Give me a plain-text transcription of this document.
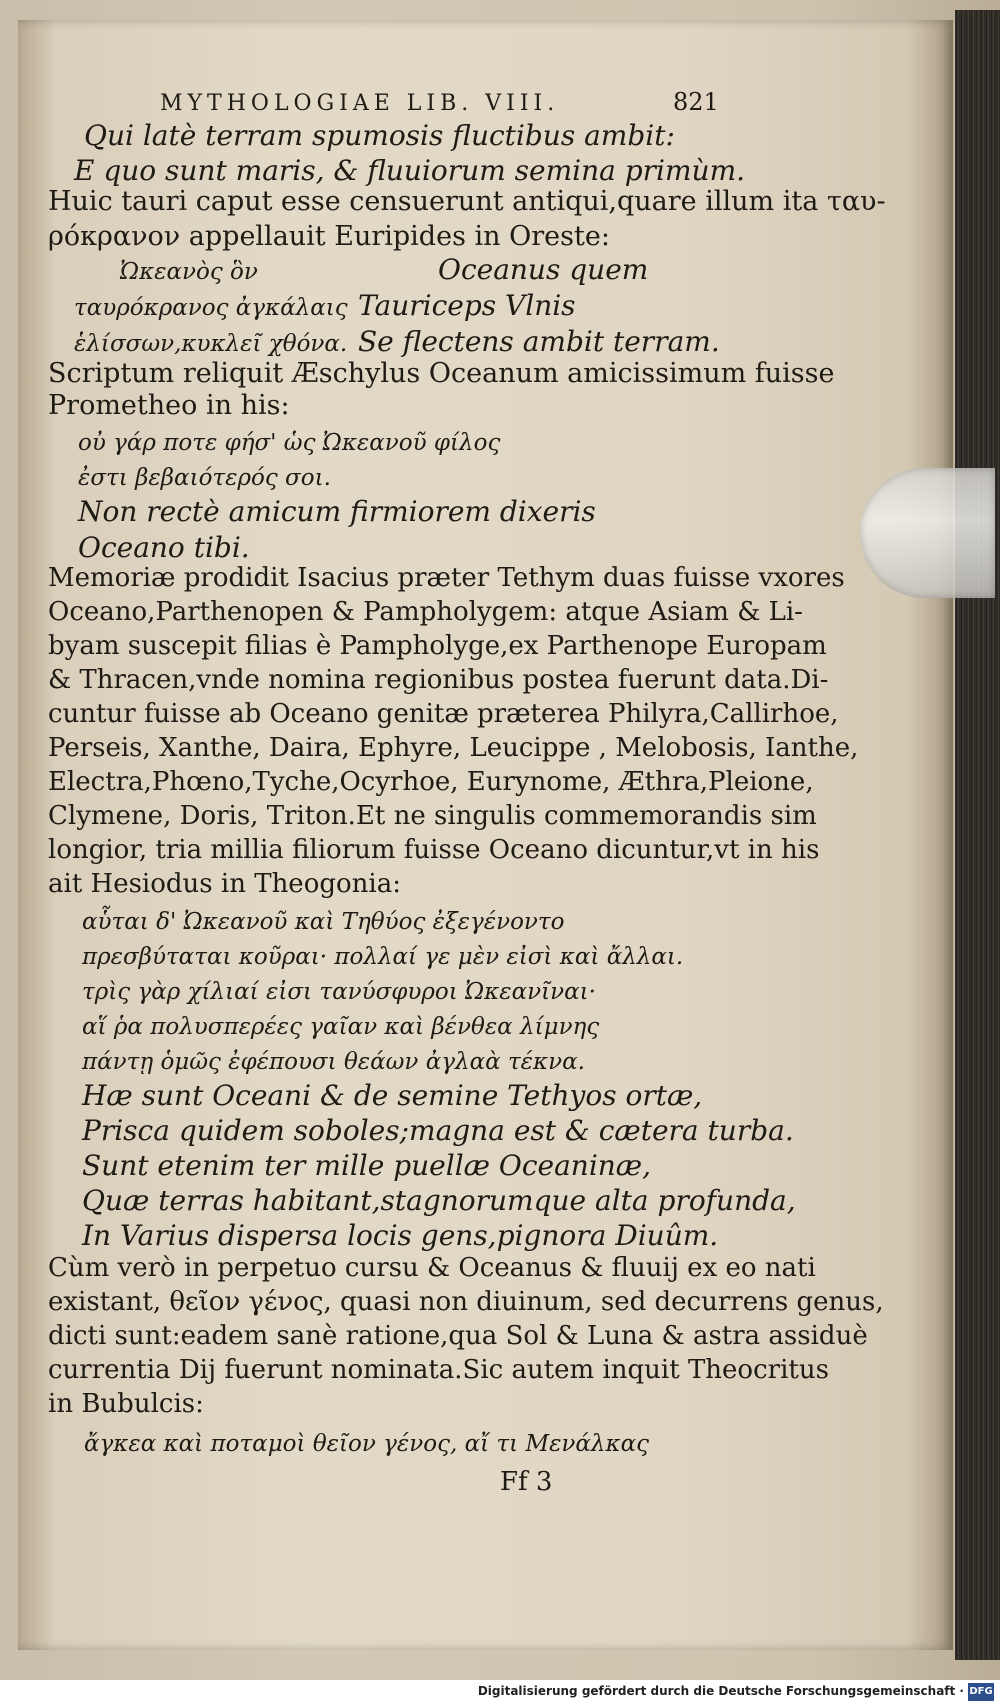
MYTHOLOGIAE LIB. VIII.	821
Qui latè terram spumosis fluctibus ambit:
E quo sunt maris, & fluuiorum semina primùm.
Huic tauri caput esse censuerunt antiqui,quare illum ita ταυ-
ρόκρανον appellauit Euripides in Oreste:
Ὠκεανὸς ὃν	Oceanus quem
ταυρόκρανος ἀγκάλαις Tauriceps Vlnis
ἑλίσσων,κυκλεῖ χθόνα. Se flectens ambit terram.
Scriptum reliquit Æschylus Oceanum amicissimum fuisse
Prometheo in his:
οὐ γάρ ποτε φήσ' ὡς Ὠκεανοῦ φίλος
ἐστι βεβαιότερός σοι.
Non rectè amicum firmiorem dixeris
Oceano tibi.
Memoriæ prodidit Isacius præter Tethym duas fuisse vxores
Oceano,Parthenopen & Pampholygem: atque Asiam & Li-
byam suscepit filias è Pampholyge,ex Parthenope Europam
& Thracen,vnde nomina regionibus postea fuerunt data.Di-
cuntur fuisse ab Oceano genitæ præterea Philyra,Callirhoe,
Perseis, Xanthe, Daira, Ephyre, Leucippe , Melobosis, Ianthe,
Electra,Phœno,Tyche,Ocyrhoe, Eurynome, Æthra,Pleione,
Clymene, Doris, Triton.Et ne singulis commemorandis sim
longior, tria millia filiorum fuisse Oceano dicuntur,vt in his
ait Hesiodus in Theogonia:
αὗται δ' Ὠκεανοῦ καὶ Τηθύος ἐξεγένοντο
πρεσβύταται κοῦραι· πολλαί γε μὲν εἰσὶ καὶ ἄλλαι.
τρὶς γὰρ χίλιαί εἰσι τανύσφυροι Ὠκεανῖναι·
αἵ ῥα πολυσπερέες γαῖαν καὶ βένθεα λίμνης
πάντῃ ὁμῶς ἐφέπουσι θεάων ἀγλαὰ τέκνα.
Hæ sunt Oceani & de semine Tethyos ortæ,
Prisca quidem soboles;magna est & cætera turba.
Sunt etenim ter mille puellæ Oceaninæ,
Quæ terras habitant,stagnorumque alta profunda,
In Varius dispersa locis gens,pignora Diuûm.
Cùm verò in perpetuo cursu & Oceanus & fluuij ex eo nati
existant, θεῖον γένος, quasi non diuinum, sed decurrens genus,
dicti sunt:eadem sanè ratione,qua Sol & Luna & astra assiduè
currentia Dij fuerunt nominata.Sic autem inquit Theocritus
in Bubulcis:
ἄγκεα καὶ ποταμοὶ θεῖον γένος, αἴ τι Μενάλκας
Ff 3
Digitalisierung gefördert durch die Deutsche Forschungsgemeinschaft · DFG
